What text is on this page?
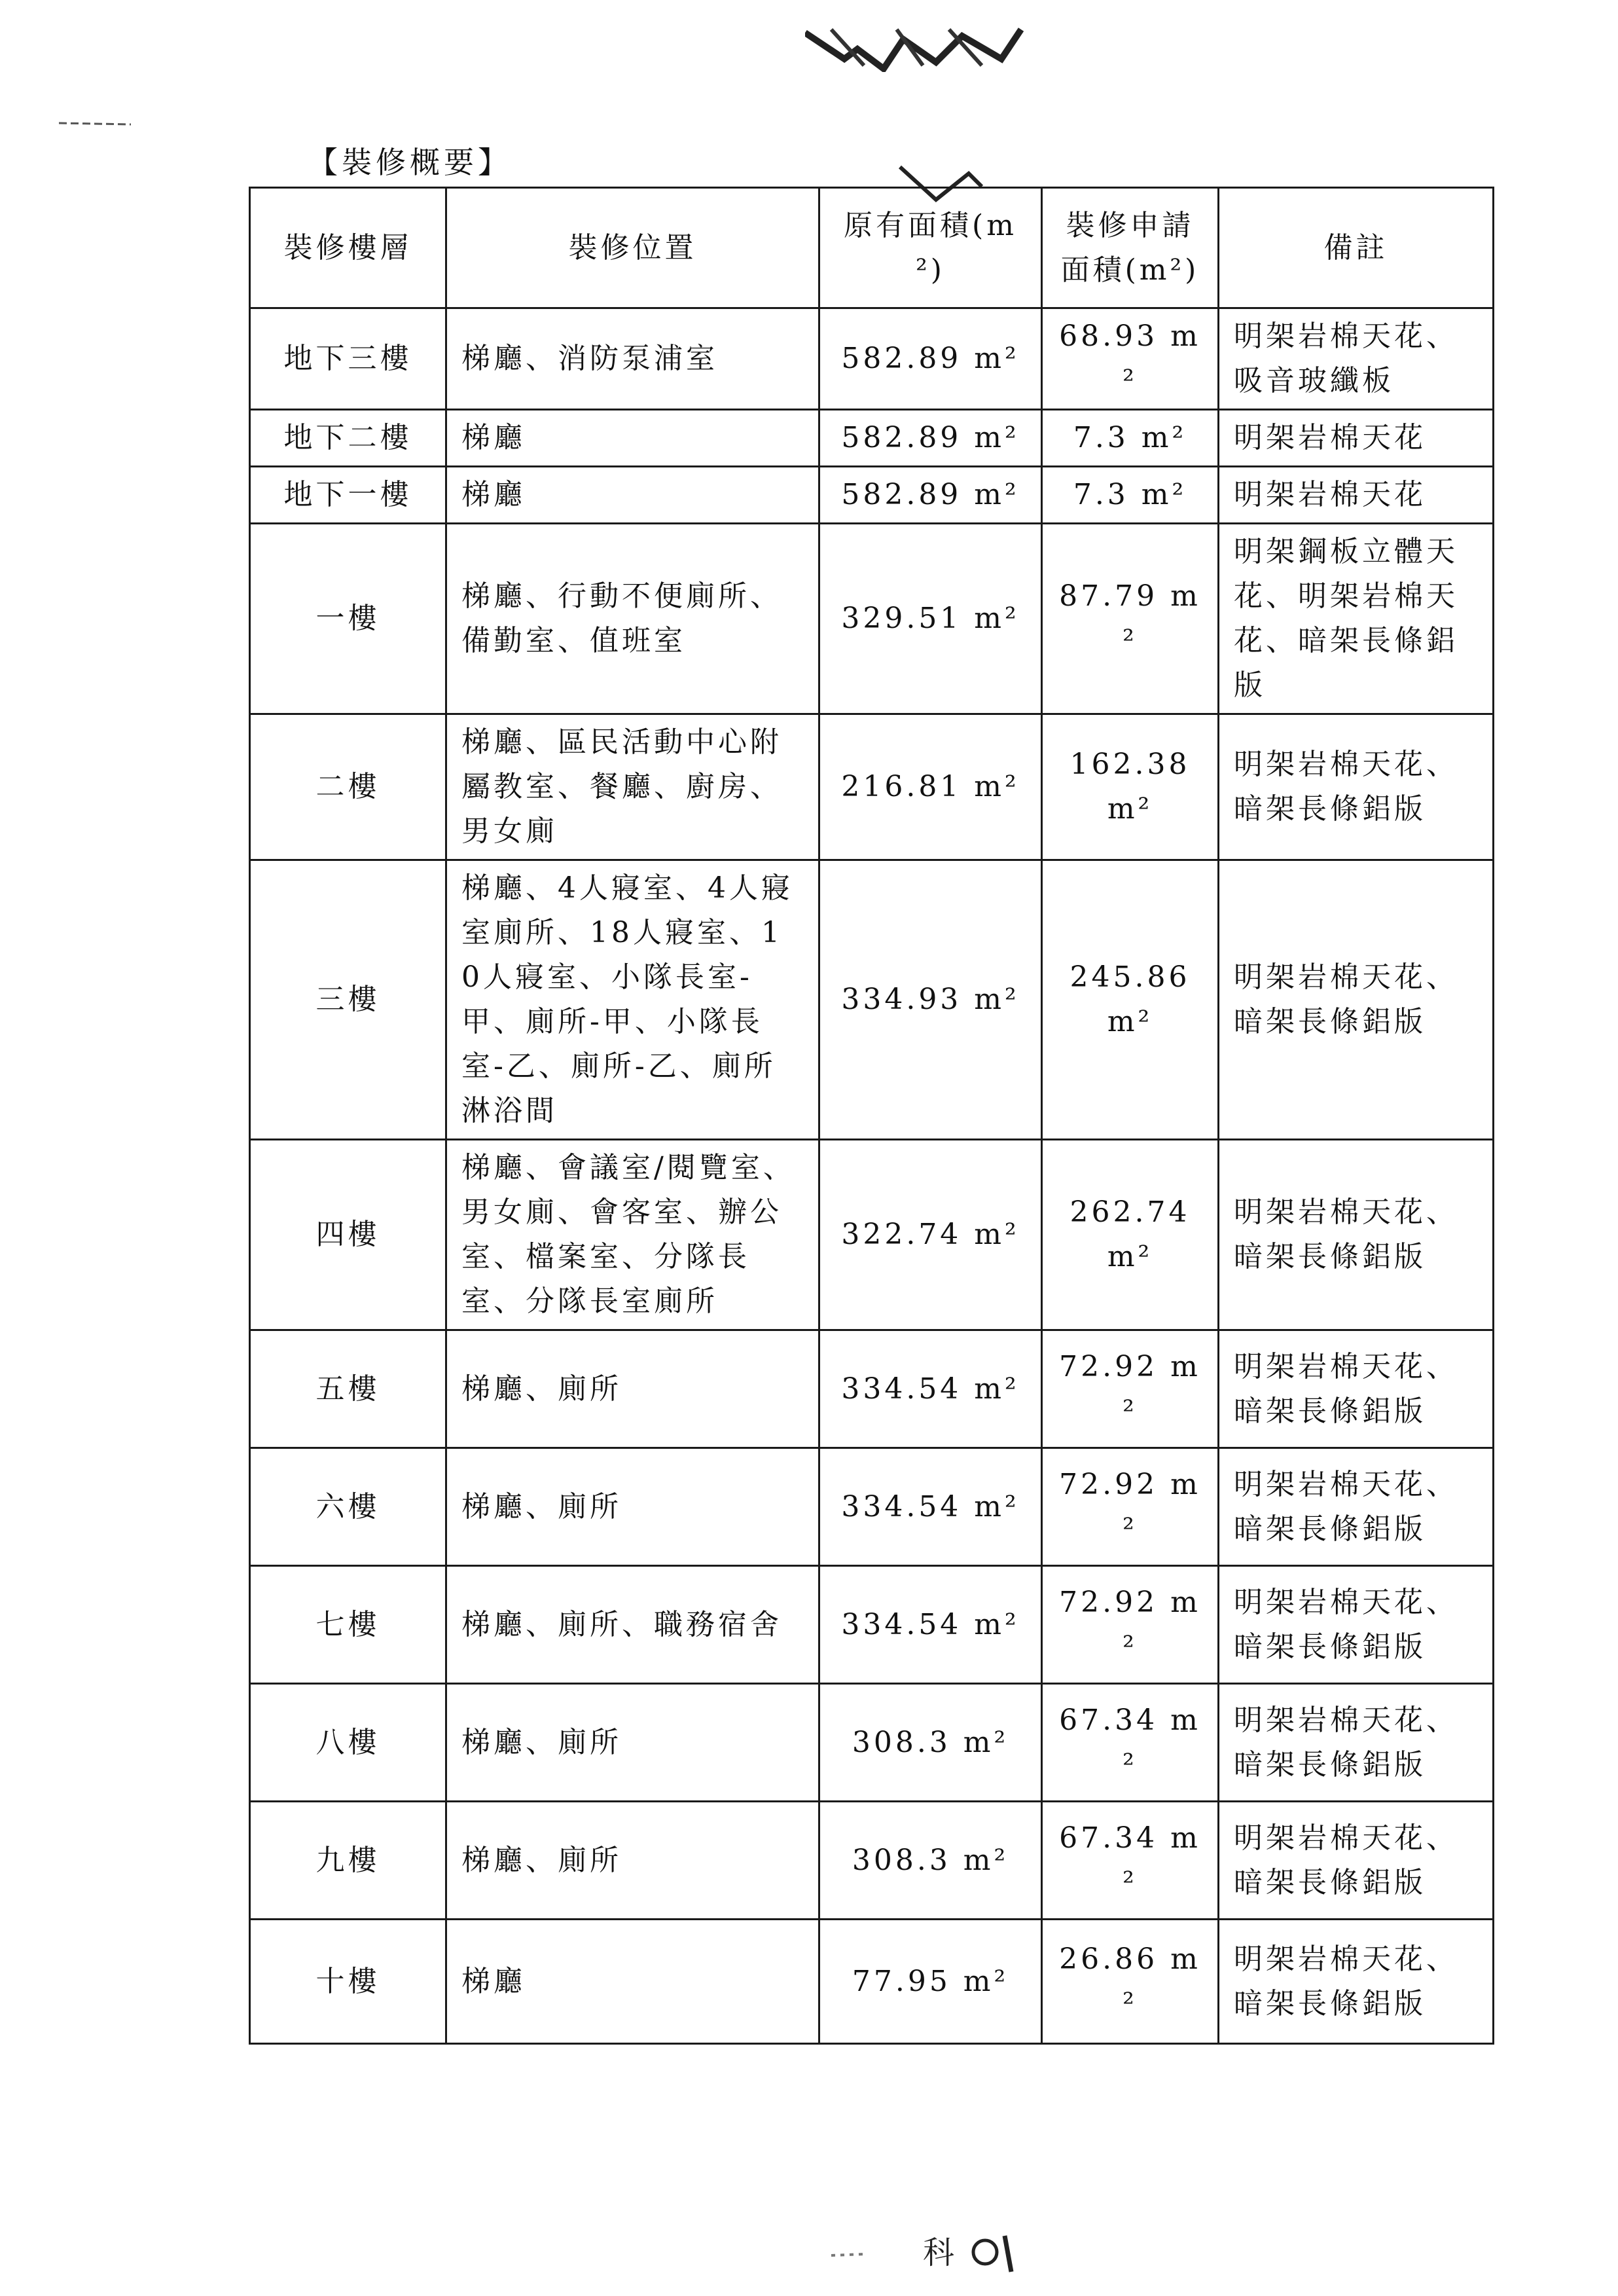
【裝修概要】
裝修樓層	裝修位置	原有面積(m²)	裝修申請面積(m²)	備註
地下三樓	梯廳、消防泵浦室	582.89 m²	68.93 m²	明架岩棉天花、吸音玻纖板
地下二樓	梯廳	582.89 m²	7.3 m²	明架岩棉天花
地下一樓	梯廳	582.89 m²	7.3 m²	明架岩棉天花
一樓	梯廳、行動不便廁所、備勤室、值班室	329.51 m²	87.79 m²	明架鋼板立體天花、明架岩棉天花、暗架長條鋁版
二樓	梯廳、區民活動中心附屬教室、餐廳、廚房、男女廁	216.81 m²	162.38 m²	明架岩棉天花、暗架長條鋁版
三樓	梯廳、4人寢室、4人寢室廁所、18人寢室、10人寢室、小隊長室-甲、廁所-甲、小隊長室-乙、廁所-乙、廁所淋浴間	334.93 m²	245.86 m²	明架岩棉天花、暗架長條鋁版
四樓	梯廳、會議室/閱覽室、男女廁、會客室、辦公室、檔案室、分隊長室、分隊長室廁所	322.74 m²	262.74 m²	明架岩棉天花、暗架長條鋁版
五樓	梯廳、廁所	334.54 m²	72.92 m²	明架岩棉天花、暗架長條鋁版
六樓	梯廳、廁所	334.54 m²	72.92 m²	明架岩棉天花、暗架長條鋁版
七樓	梯廳、廁所、職務宿舍	334.54 m²	72.92 m²	明架岩棉天花、暗架長條鋁版
八樓	梯廳、廁所	308.3 m²	67.34 m²	明架岩棉天花、暗架長條鋁版
九樓	梯廳、廁所	308.3 m²	67.34 m²	明架岩棉天花、暗架長條鋁版
十樓	梯廳	77.95 m²	26.86 m²	明架岩棉天花、暗架長條鋁版
科
